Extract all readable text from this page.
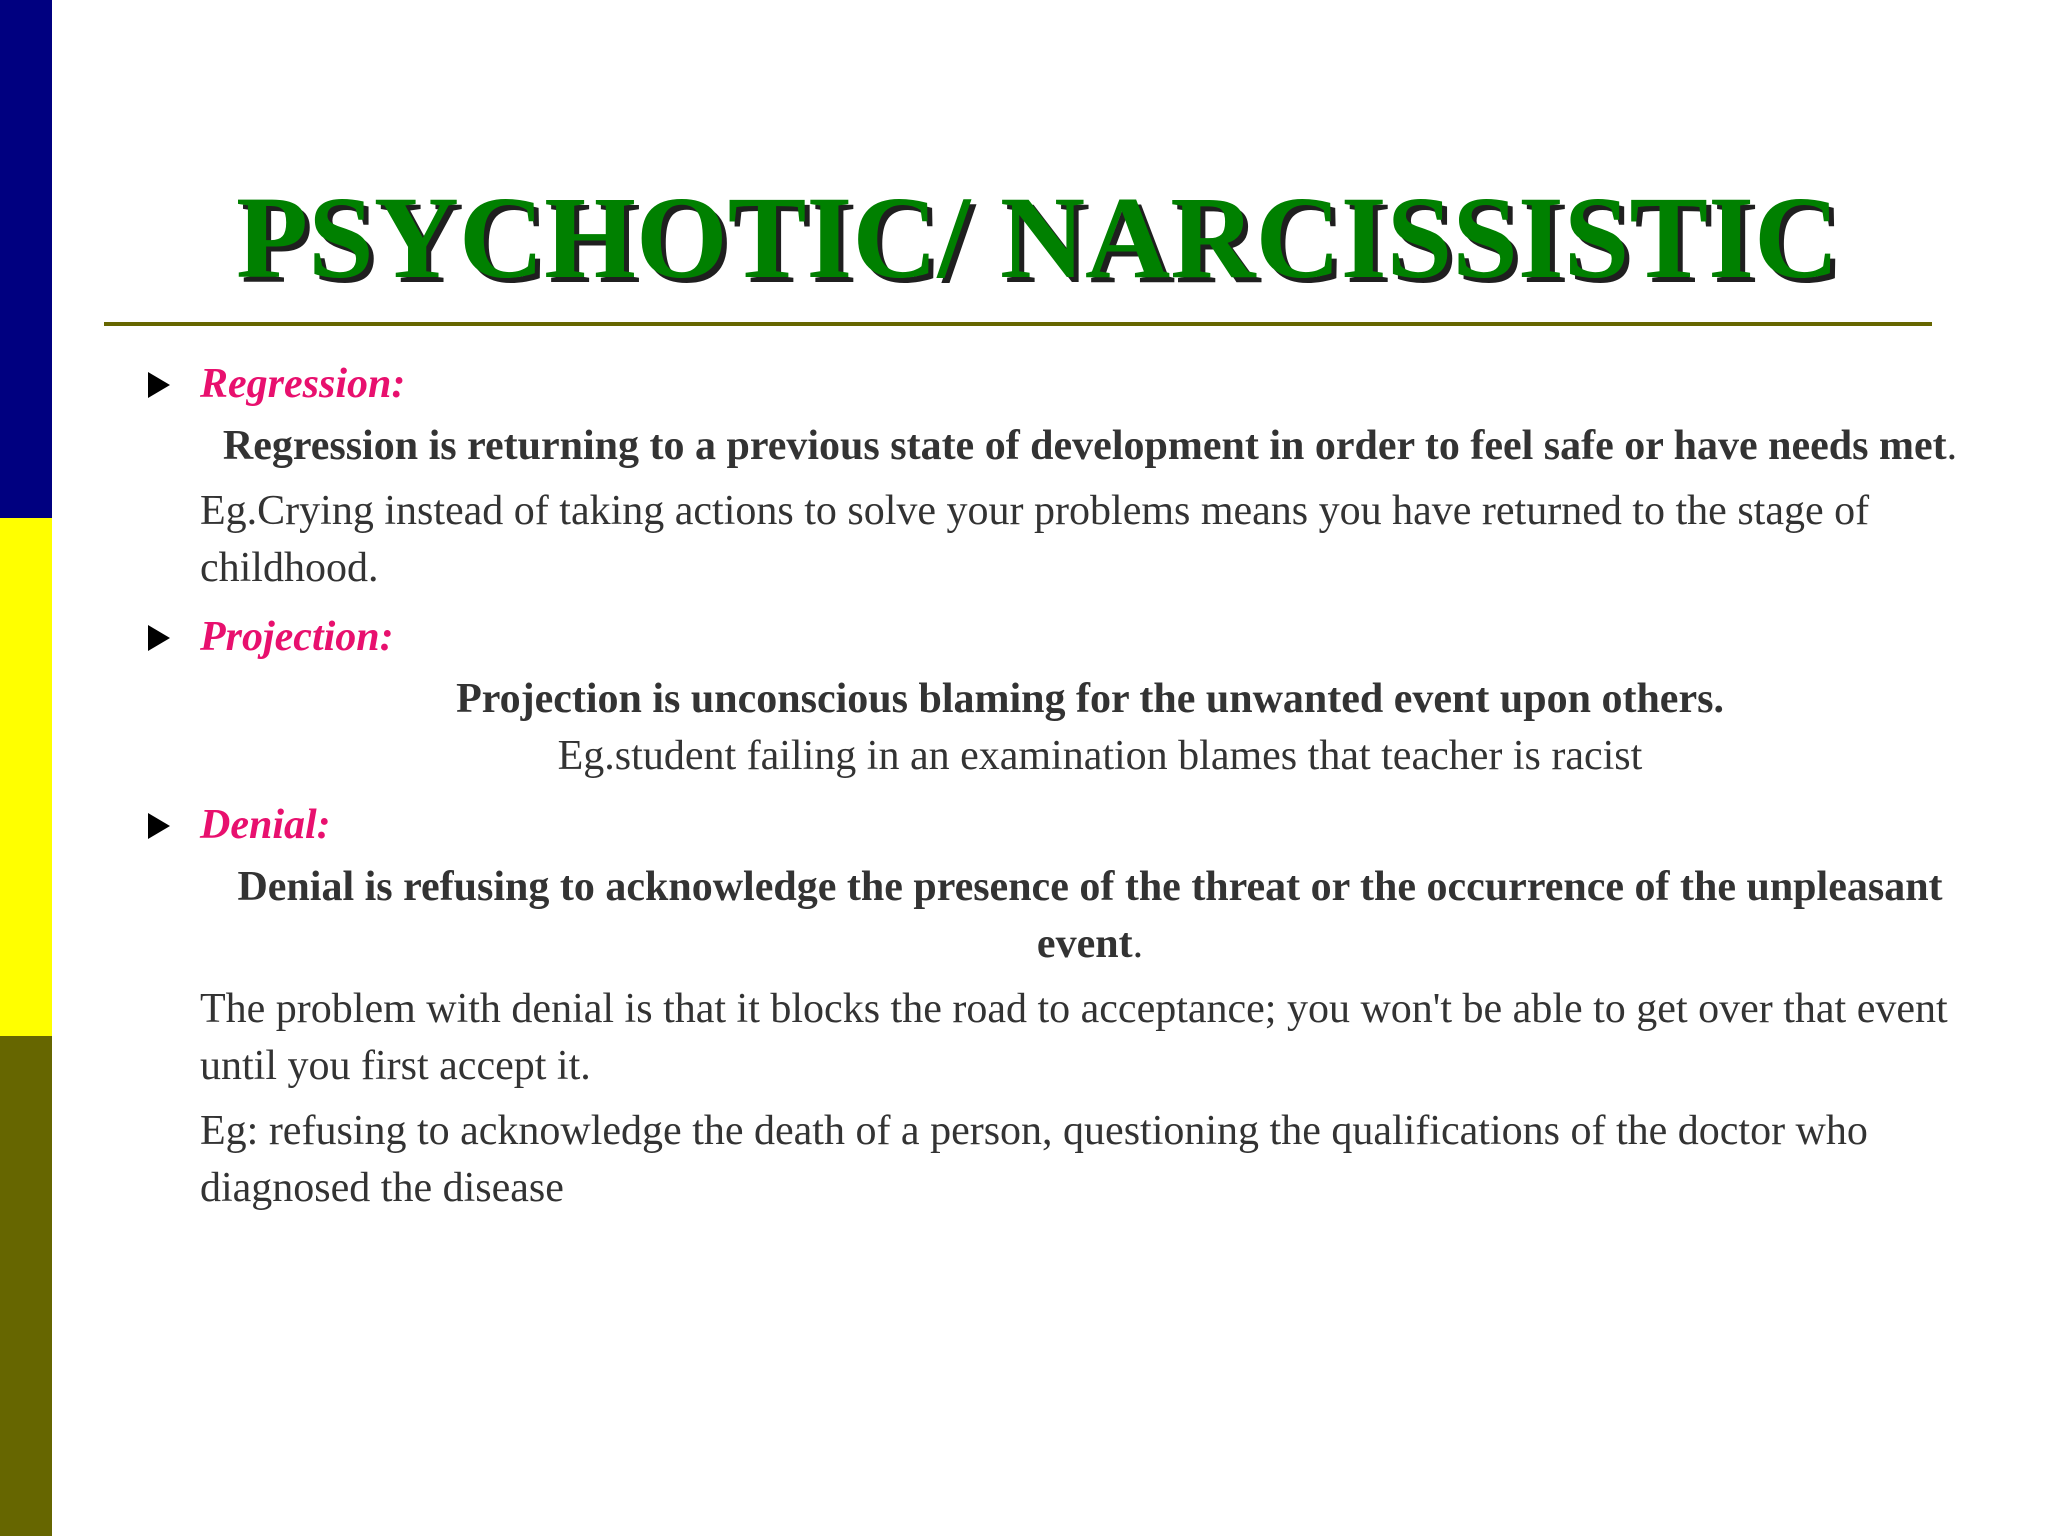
PSYCHOTIC/ NARCISSISTIC
Regression:

Regression is returning to a previous state of development in order to feel safe or have needs met.

Eg.Crying instead of taking actions to solve your problems means you have returned to the stage of childhood.

Projection:

Projection is unconscious blaming for the unwanted event upon others.

Eg.student failing in an examination blames that teacher is racist

Denial:

Denial is refusing to acknowledge the presence of the threat or the occurrence of the unpleasant event.

The problem with denial is that it blocks the road to acceptance; you won't be able to get over that event until you first accept it.

Eg: refusing to acknowledge the death of a person, questioning the qualifications of the doctor who diagnosed the disease
